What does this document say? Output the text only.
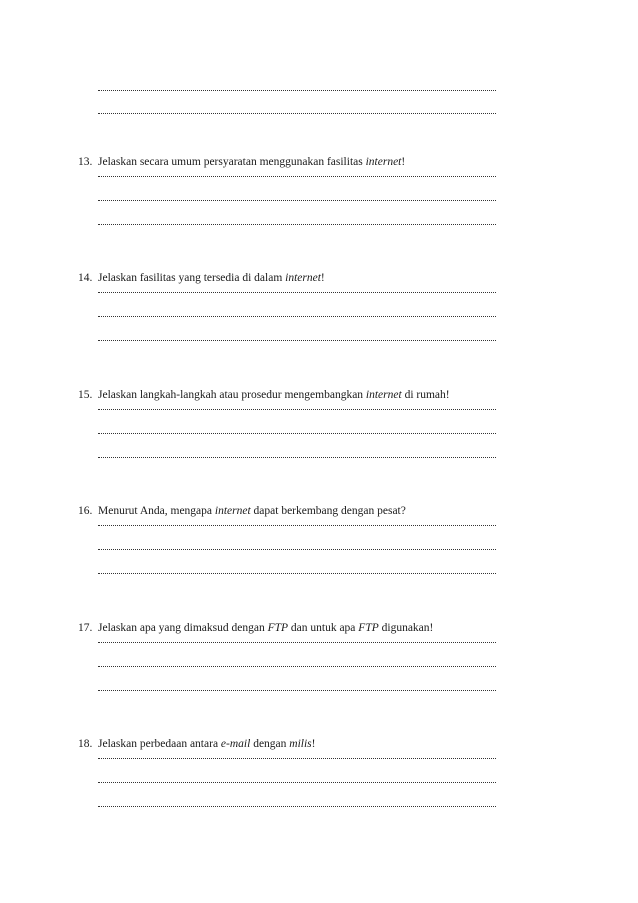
13. Jelaskan secara umum persyaratan menggunakan fasilitas internet!
14. Jelaskan fasilitas yang tersedia di dalam internet!
15. Jelaskan langkah-langkah atau prosedur mengembangkan internet di rumah!
16. Menurut Anda, mengapa internet dapat berkembang dengan pesat?
17. Jelaskan apa yang dimaksud dengan FTP dan untuk apa FTP digunakan!
18. Jelaskan perbedaan antara e-mail dengan milis!
